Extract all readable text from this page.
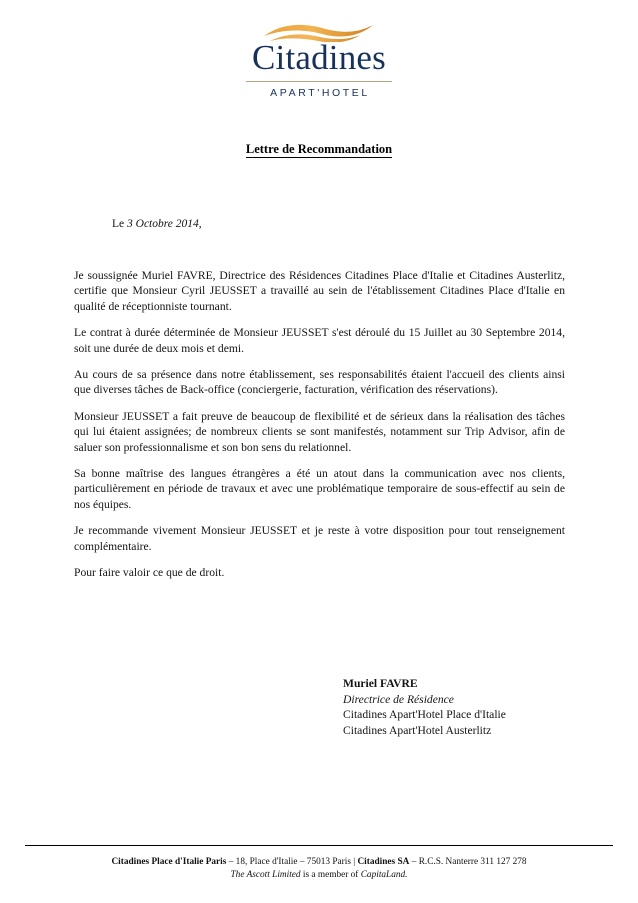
Citadines
APART'HOTEL
Lettre de Recommandation
Le 3 Octobre 2014,

Je soussignée Muriel FAVRE, Directrice des Résidences Citadines Place d'Italie et Citadines Austerlitz, certifie que Monsieur Cyril JEUSSET a travaillé au sein de l'établissement Citadines Place d'Italie en qualité de réceptionniste tournant.

Le contrat à durée déterminée de Monsieur JEUSSET s'est déroulé du 15 Juillet au 30 Septembre 2014, soit une durée de deux mois et demi.

Au cours de sa présence dans notre établissement, ses responsabilités étaient l'accueil des clients ainsi que diverses tâches de Back-office (conciergerie, facturation, vérification des réservations).

Monsieur JEUSSET a fait preuve de beaucoup de flexibilité et de sérieux dans la réalisation des tâches qui lui étaient assignées; de nombreux clients se sont manifestés, notamment sur Trip Advisor, afin de saluer son professionnalisme et son bon sens du relationnel.

Sa bonne maîtrise des langues étrangères a été un atout dans la communication avec nos clients, particulièrement en période de travaux et avec une problématique temporaire de sous-effectif au sein de nos équipes.

Je recommande vivement Monsieur JEUSSET et je reste à votre disposition pour tout renseignement complémentaire.

Pour faire valoir ce que de droit.

Muriel FAVRE
Directrice de Résidence
Citadines Apart'Hotel Place d'Italie
Citadines Apart'Hotel Austerlitz
Citadines Place d'Italie Paris – 18, Place d'Italie – 75013 Paris | Citadines SA – R.C.S. Nanterre 311 127 278
The Ascott Limited is a member of CapitaLand.
